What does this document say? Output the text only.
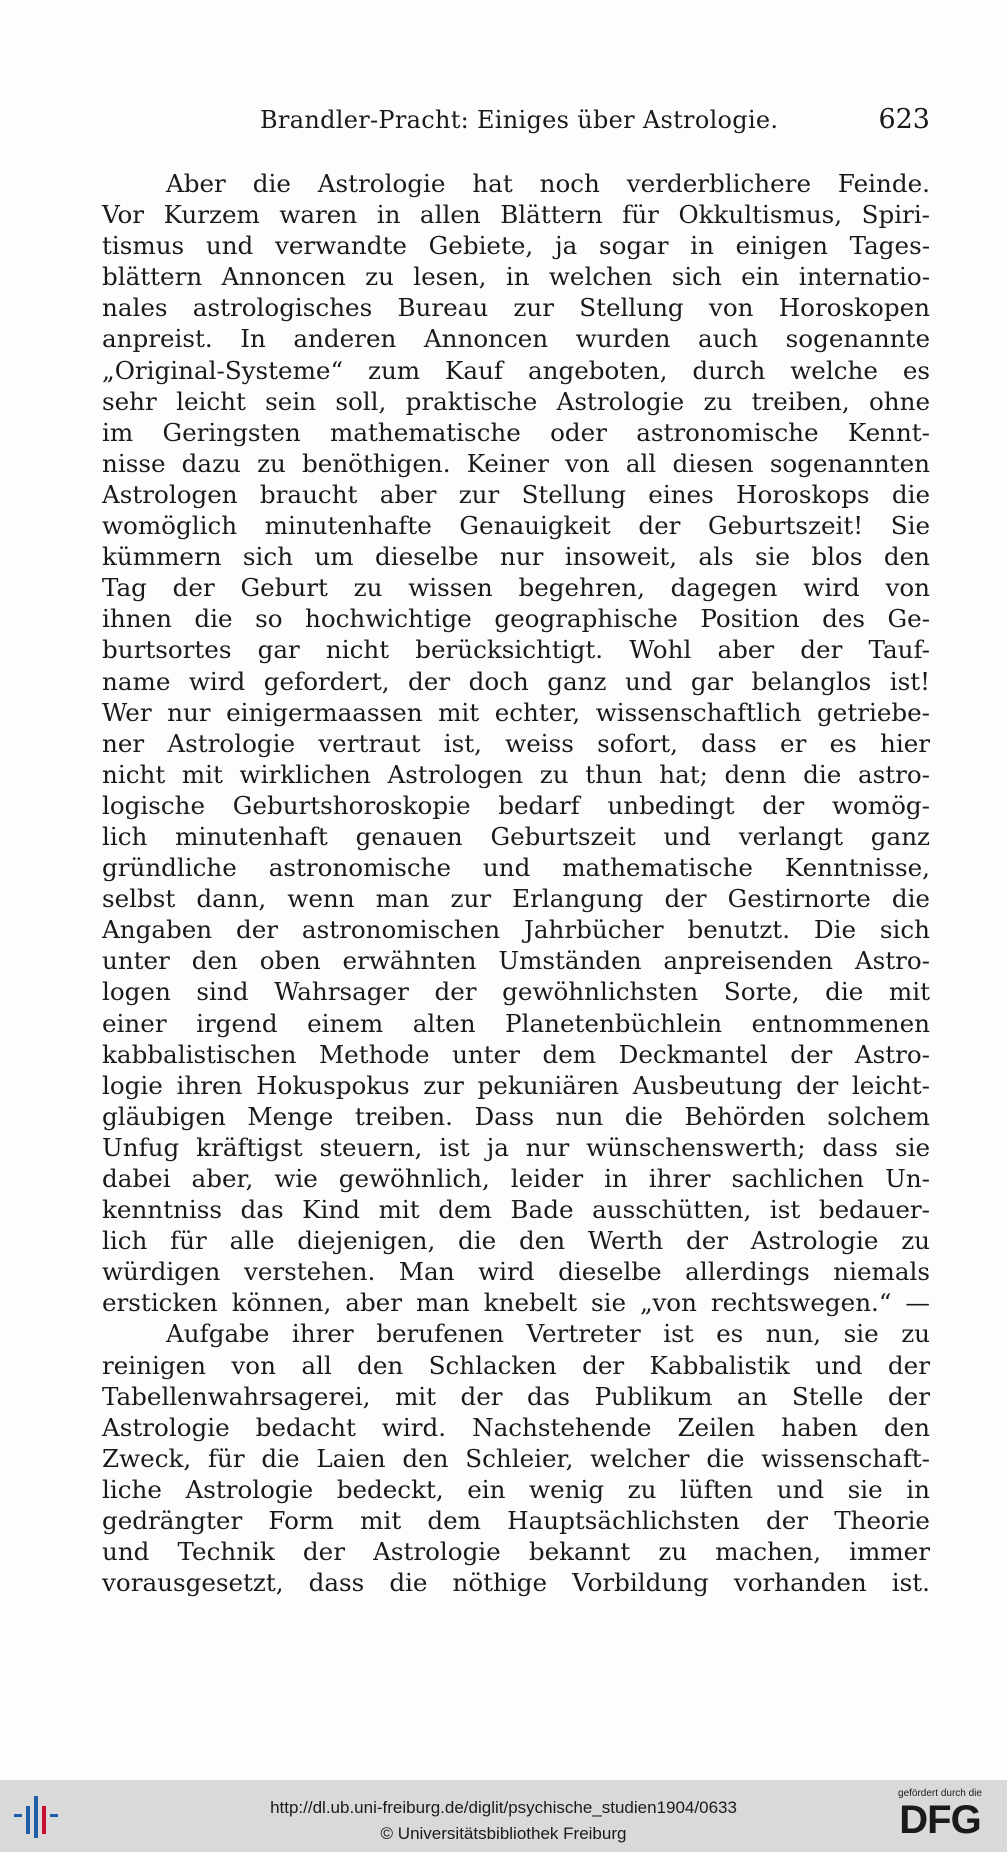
Brandler-Pracht: Einiges über Astrologie.	623
Aber die Astrologie hat noch verderblichere Feinde.
Vor Kurzem waren in allen Blättern für Okkultismus, Spiri-
tismus und verwandte Gebiete, ja sogar in einigen Tages-
blättern Annoncen zu lesen, in welchen sich ein internatio-
nales astrologisches Bureau zur Stellung von Horoskopen
anpreist. In anderen Annoncen wurden auch sogenannte
„Original-Systeme“ zum Kauf angeboten, durch welche es
sehr leicht sein soll, praktische Astrologie zu treiben, ohne
im Geringsten mathematische oder astronomische Kennt-
nisse dazu zu benöthigen. Keiner von all diesen sogenannten
Astrologen braucht aber zur Stellung eines Horoskops die
womöglich minutenhafte Genauigkeit der Geburtszeit! Sie
kümmern sich um dieselbe nur insoweit, als sie blos den
Tag der Geburt zu wissen begehren, dagegen wird von
ihnen die so hochwichtige geographische Position des Ge-
burtsortes gar nicht berücksichtigt. Wohl aber der Tauf-
name wird gefordert, der doch ganz und gar belanglos ist!
Wer nur einigermaassen mit echter, wissenschaftlich getriebe-
ner Astrologie vertraut ist, weiss sofort, dass er es hier
nicht mit wirklichen Astrologen zu thun hat; denn die astro-
logische Geburtshoroskopie bedarf unbedingt der womög-
lich minutenhaft genauen Geburtszeit und verlangt ganz
gründliche astronomische und mathematische Kenntnisse,
selbst dann, wenn man zur Erlangung der Gestirnorte die
Angaben der astronomischen Jahrbücher benutzt. Die sich
unter den oben erwähnten Umständen anpreisenden Astro-
logen sind Wahrsager der gewöhnlichsten Sorte, die mit
einer irgend einem alten Planetenbüchlein entnommenen
kabbalistischen Methode unter dem Deckmantel der Astro-
logie ihren Hokuspokus zur pekuniären Ausbeutung der leicht-
gläubigen Menge treiben. Dass nun die Behörden solchem
Unfug kräftigst steuern, ist ja nur wünschenswerth; dass sie
dabei aber, wie gewöhnlich, leider in ihrer sachlichen Un-
kenntniss das Kind mit dem Bade ausschütten, ist bedauer-
lich für alle diejenigen, die den Werth der Astrologie zu
würdigen verstehen. Man wird dieselbe allerdings niemals
ersticken können, aber man knebelt sie „von rechtswegen.“ —
Aufgabe ihrer berufenen Vertreter ist es nun, sie zu
reinigen von all den Schlacken der Kabbalistik und der
Tabellenwahrsagerei, mit der das Publikum an Stelle der
Astrologie bedacht wird. Nachstehende Zeilen haben den
Zweck, für die Laien den Schleier, welcher die wissenschaft-
liche Astrologie bedeckt, ein wenig zu lüften und sie in
gedrängter Form mit dem Hauptsächlichsten der Theorie
und Technik der Astrologie bekannt zu machen, immer
vorausgesetzt, dass die nöthige Vorbildung vorhanden ist.
http://dl.ub.uni-freiburg.de/diglit/psychische_studien1904/0633
© Universitätsbibliothek Freiburg
gefördert durch die
DFG
